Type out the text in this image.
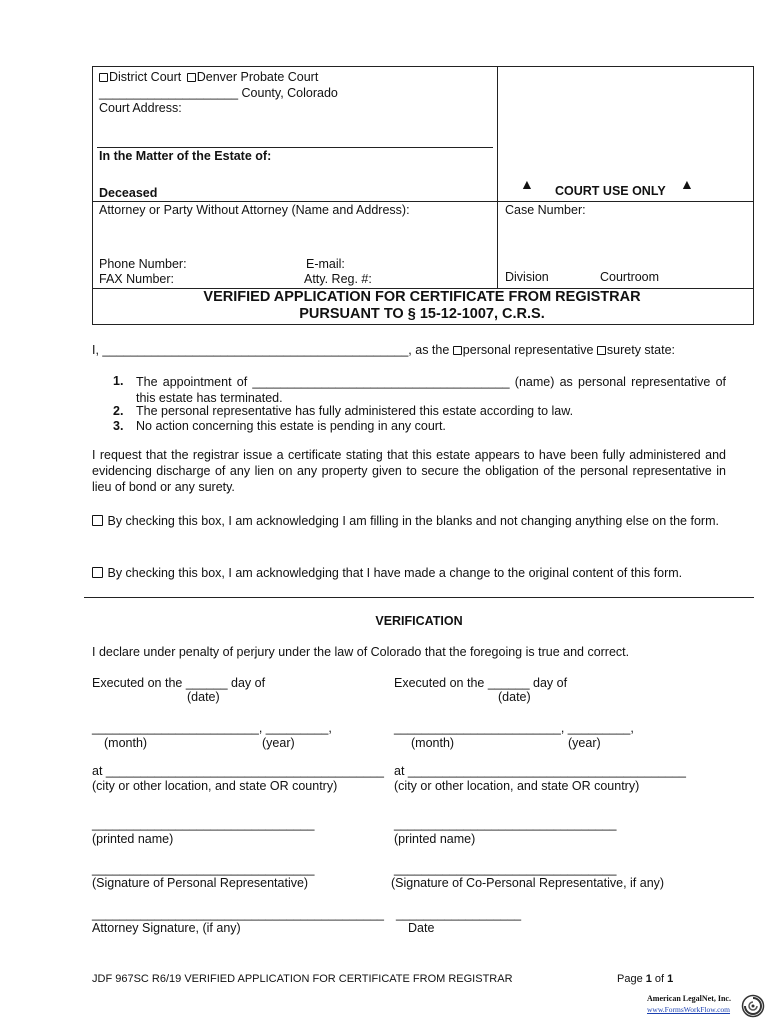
District Court Denver Probate Court
____________________ County, Colorado
Court Address:
In the Matter of the Estate of:
Deceased
Attorney or Party Without Attorney (Name and Address):
Phone Number:	E-mail:
FAX Number:	Atty. Reg. #:
▲ COURT USE ONLY ▲
Case Number:
Division	Courtroom
VERIFIED APPLICATION FOR CERTIFICATE FROM REGISTRAR
PURSUANT TO § 15-12-1007, C.R.S.
I, ____________________________________________, as the personal representative surety state:
1. The appointment of _____________________________________ (name) as personal representative of this estate has terminated.
2. The personal representative has fully administered this estate according to law.
3. No action concerning this estate is pending in any court.
I request that the registrar issue a certificate stating that this estate appears to have been fully administered and evidencing discharge of any lien on any property given to secure the obligation of the personal representative in lieu of bond or any surety.
By checking this box, I am acknowledging I am filling in the blanks and not changing anything else on the form.
By checking this box, I am acknowledging that I have made a change to the original content of this form.
VERIFICATION
I declare under penalty of perjury under the law of Colorado that the foregoing is true and correct.
Executed on the ______ day of	Executed on the ______ day of
(date)	(date)
________________________, _________,	________________________, _________,
(month)	(year)	(month)	(year)
at ________________________________________ at ________________________________________
(city or other location, and state OR country)	(city or other location, and state OR country)
________________________________	________________________________
(printed name)	(printed name)
________________________________	________________________________
(Signature of Personal Representative)	(Signature of Co-Personal Representative, if any)
__________________________________________ __________________
Attorney Signature, (if any)	Date
JDF 967SC R6/19 VERIFIED APPLICATION FOR CERTIFICATE FROM REGISTRAR	Page 1 of 1
American LegalNet, Inc.
www.FormsWorkFlow.com
